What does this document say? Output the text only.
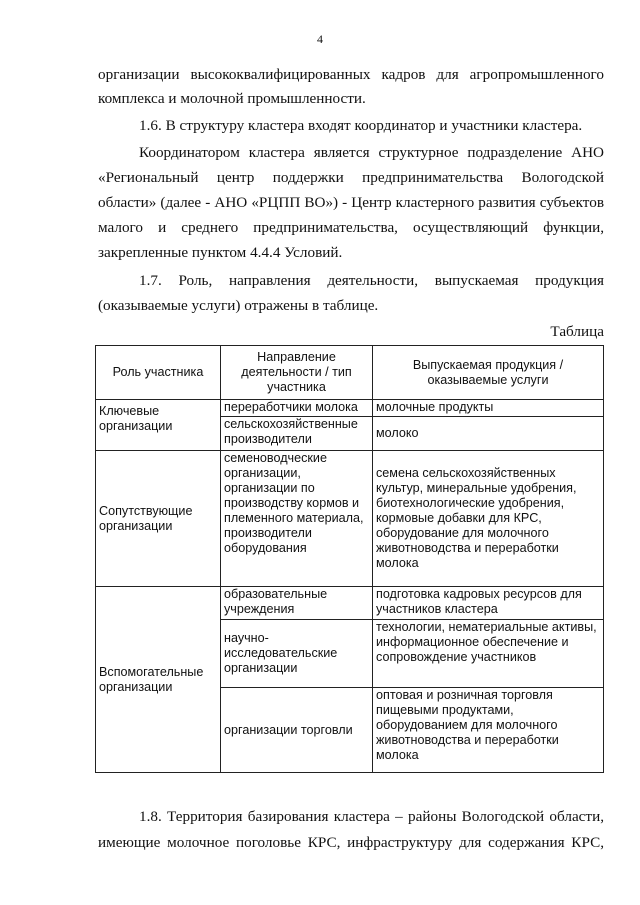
4
организации высококвалифицированных кадров для агропромышленного
комплекса и молочной промышленности.
1.6. В структуру кластера входят координатор и участники кластера.
Координатором кластера является структурное подразделение АНО
«Региональный центр поддержки предпринимательства Вологодской
области» (далее - АНО «РЦПП ВО») - Центр кластерного развития субъектов
малого и среднего предпринимательства, осуществляющий функции,
закрепленные пунктом 4.4.4 Условий.
1.7. Роль, направления деятельности, выпускаемая продукция
(оказываемые услуги) отражены в таблице.
Таблица
Роль участника	Направление деятельности / тип участника	Выпускаемая продукция / оказываемые услуги
Ключевые организации	переработчики молока	молочные продукты
	сельскохозяйственные производители	молоко
Сопутствующие организации	семеноводческие организации, организации по производству кормов и племенного материала, производители оборудования	семена сельскохозяйственных культур, минеральные удобрения, биотехнологические удобрения, кормовые добавки для КРС, оборудование для молочного животноводства и переработки молока
Вспомогательные организации	образовательные учреждения	подготовка кадровых ресурсов для участников кластера
	научно-исследовательские организации	технологии, нематериальные активы, информационное обеспечение и сопровождение участников
	организации торговли	оптовая и розничная торговля пищевыми продуктами, оборудованием для молочного животноводства и переработки молока
1.8. Территория базирования кластера – районы Вологодской области,
имеющие молочное поголовье КРС, инфраструктуру для содержания КРС,
